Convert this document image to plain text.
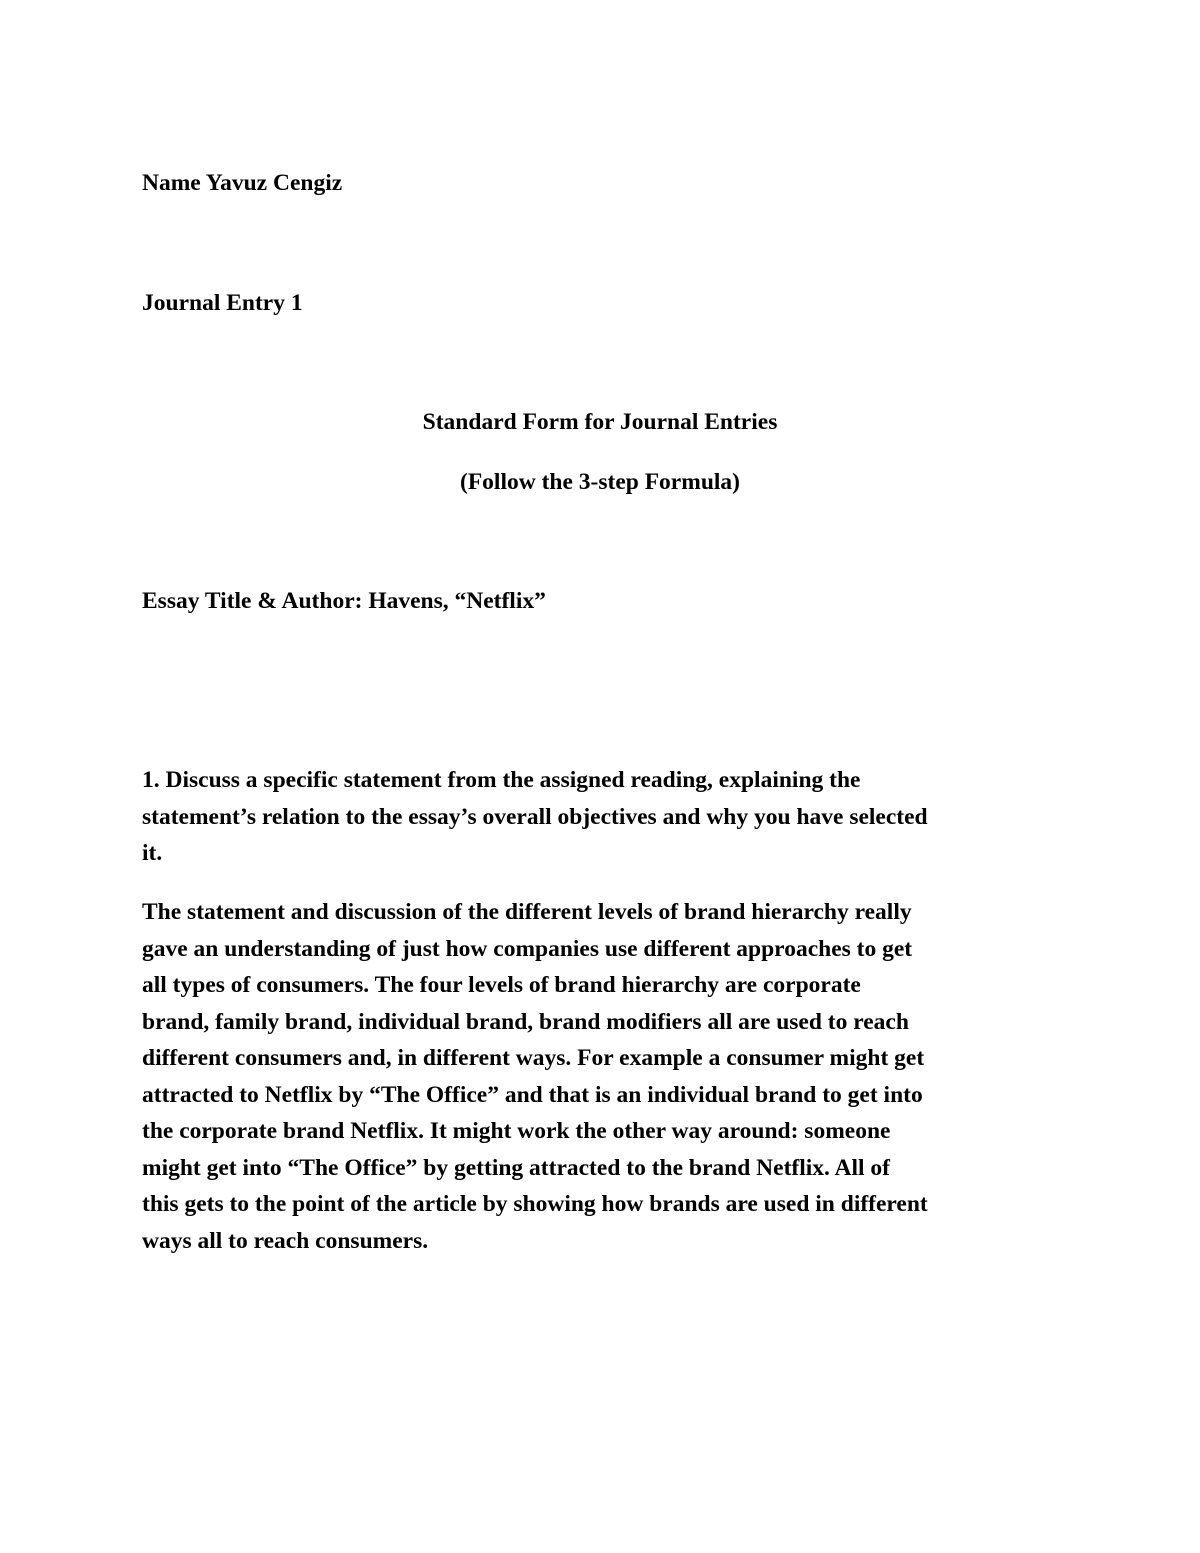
Name Yavuz Cengiz

Journal Entry 1

Standard Form for Journal Entries

(Follow the 3-step Formula)

Essay Title & Author: Havens, “Netflix”

1. Discuss a specific statement from the assigned reading, explaining the
statement’s relation to the essay’s overall objectives and why you have selected
it.
The statement and discussion of the different levels of brand hierarchy really
gave an understanding of just how companies use different approaches to get
all types of consumers. The four levels of brand hierarchy are corporate
brand, family brand, individual brand, brand modifiers all are used to reach
different consumers and, in different ways. For example a consumer might get
attracted to Netflix by “The Office” and that is an individual brand to get into
the corporate brand Netflix. It might work the other way around: someone
might get into “The Office” by getting attracted to the brand Netflix. All of
this gets to the point of the article by showing how brands are used in different
ways all to reach consumers.
